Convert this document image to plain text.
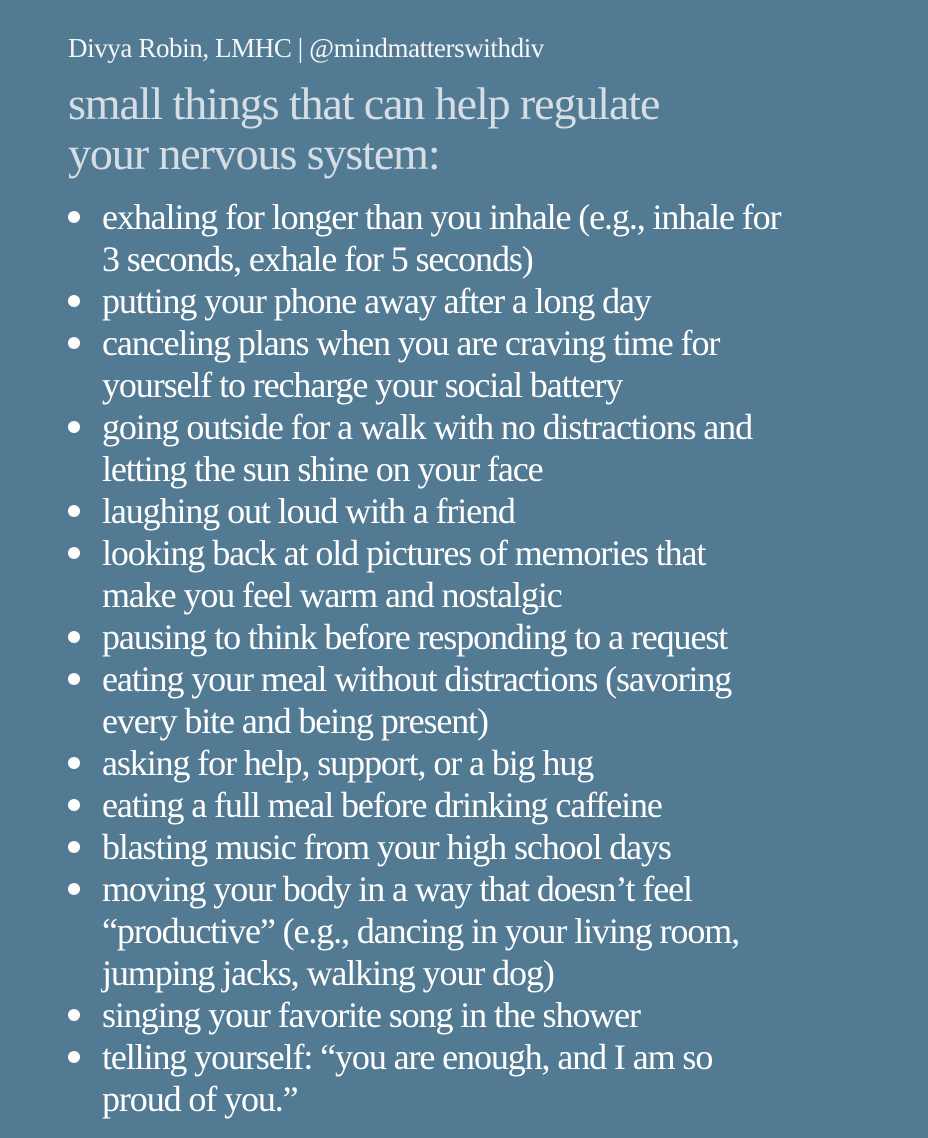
Divya Robin, LMHC | @mindmatterswithdiv
small things that can help regulate
your nervous system:
exhaling for longer than you inhale (e.g., inhale for
3 seconds, exhale for 5 seconds)
putting your phone away after a long day
canceling plans when you are craving time for
yourself to recharge your social battery
going outside for a walk with no distractions and
letting the sun shine on your face
laughing out loud with a friend
looking back at old pictures of memories that
make you feel warm and nostalgic
pausing to think before responding to a request
eating your meal without distractions (savoring
every bite and being present)
asking for help, support, or a big hug
eating a full meal before drinking caffeine
blasting music from your high school days
moving your body in a way that doesn’t feel
“productive” (e.g., dancing in your living room,
jumping jacks, walking your dog)
singing your favorite song in the shower
telling yourself: “you are enough, and I am so
proud of you.”
